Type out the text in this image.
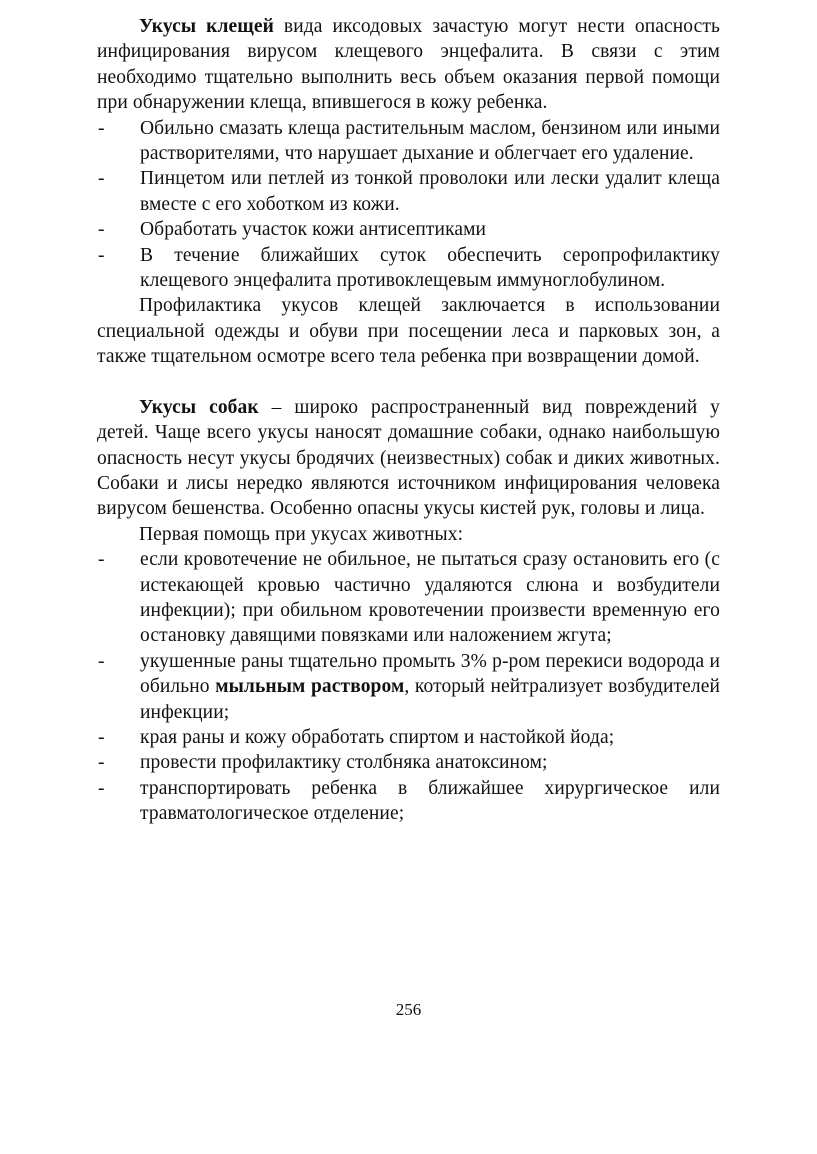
Укусы клещей вида иксодовых зачастую могут нести опасность инфицирования вирусом клещевого энцефалита. В связи с этим необходимо тщательно выполнить весь объем оказания первой помощи при обнаружении клеща, впившегося в кожу ребенка.

- Обильно смазать клеща растительным маслом, бензином или иными растворителями, что нарушает дыхание и облегчает его удаление.
- Пинцетом или петлей из тонкой проволоки или лески удалит клеща вместе с его хоботком из кожи.
- Обработать участок кожи антисептиками
- В течение ближайших суток обеспечить серопрофилактику клещевого энцефалита противоклещевым иммуноглобулином.

Профилактика укусов клещей заключается в использовании специальной одежды и обуви при посещении леса и парковых зон, а также тщательном осмотре всего тела ребенка при возвращении домой.

Укусы собак – широко распространенный вид повреждений у детей. Чаще всего укусы наносят домашние собаки, однако наибольшую опасность несут укусы бродячих (неизвестных) собак и диких животных. Собаки и лисы нередко являются источником инфицирования человека вирусом бешенства. Особенно опасны укусы кистей рук, головы и лица.

Первая помощь при укусах животных:

- если кровотечение не обильное, не пытаться сразу остановить его (с истекающей кровью частично удаляются слюна и возбудители инфекции); при обильном кровотечении произвести временную его остановку давящими повязками или наложением жгута;
- укушенные раны тщательно промыть 3% р-ром перекиси водорода и обильно мыльным раствором, который нейтрализует возбудителей инфекции;
- края раны и кожу обработать спиртом и настойкой йода;
- провести профилактику столбняка анатоксином;
- транспортировать ребенка в ближайшее хирургическое или травматологическое отделение;
256
